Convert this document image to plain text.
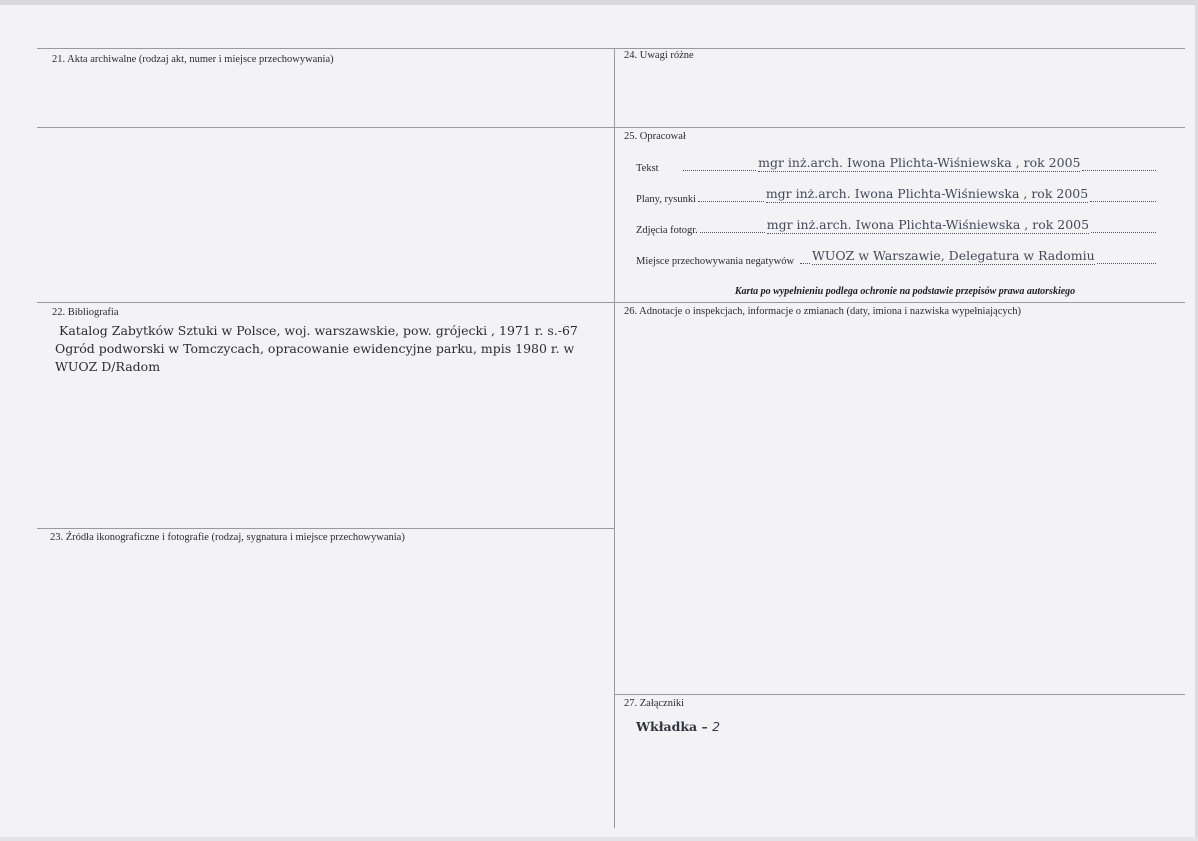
21. Akta archiwalne (rodzaj akt, numer i miejsce przechowywania)	24. Uwagi różne
25. Opracował
22. Bibliografia	26. Adnotacje o inspekcjach, informacje o zmianach (daty, imiona i nazwiska wypełniających)
23. Źródła ikonograficzne i fotografie (rodzaj, sygnatura i miejsce przechowywania)
27. Załączniki
Tekst	mgr inż.arch. Iwona Plichta-Wiśniewska , rok 2005
Plany, rysunki	mgr inż.arch. Iwona Plichta-Wiśniewska , rok 2005
Zdjęcia fotogr.	mgr inż.arch. Iwona Plichta-Wiśniewska , rok 2005
Miejsce przechowywania negatywów WUOZ w Warszawie, Delegatura w Radomiu
Karta po wypełnieniu podlega ochronie na podstawie przepisów prawa autorskiego
Katalog Zabytków Sztuki w Polsce, woj. warszawskie, pow. grójecki , 1971 r. s.-67
Ogród podworski w Tomczycach, opracowanie ewidencyjne parku, mpis 1980 r. w
WUOZ D/Radom
Wkładka – 2
